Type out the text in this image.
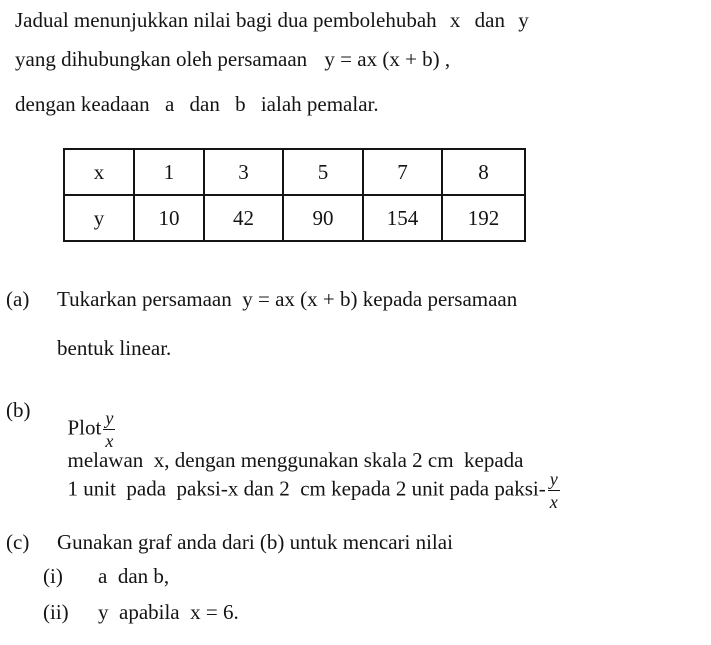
Jadual menunjukkan nilai bagi dua pembolehubah x dan y
yang dihubungkan oleh persamaan y = ax (x + b) ,
dengan keadaan a dan b ialah pemalar.
x	1	3	5	7	8
y	10	42	90	154	192
(a) Tukarkan persamaan  y = ax (x + b) kepada persamaan
bentuk linear.
(b)

Plot $\frac{y}{x}$

melawan  x, dengan menggunakan skala 2 cm  kepada

1 unit  pada  paksi-x dan 2  cm kepada 2 unit pada paksi- $\frac{y}{x}$

(c) Gunakan graf anda dari (b) untuk mencari nilai
(i) a  dan b,
(ii) y  apabila  x = 6.
